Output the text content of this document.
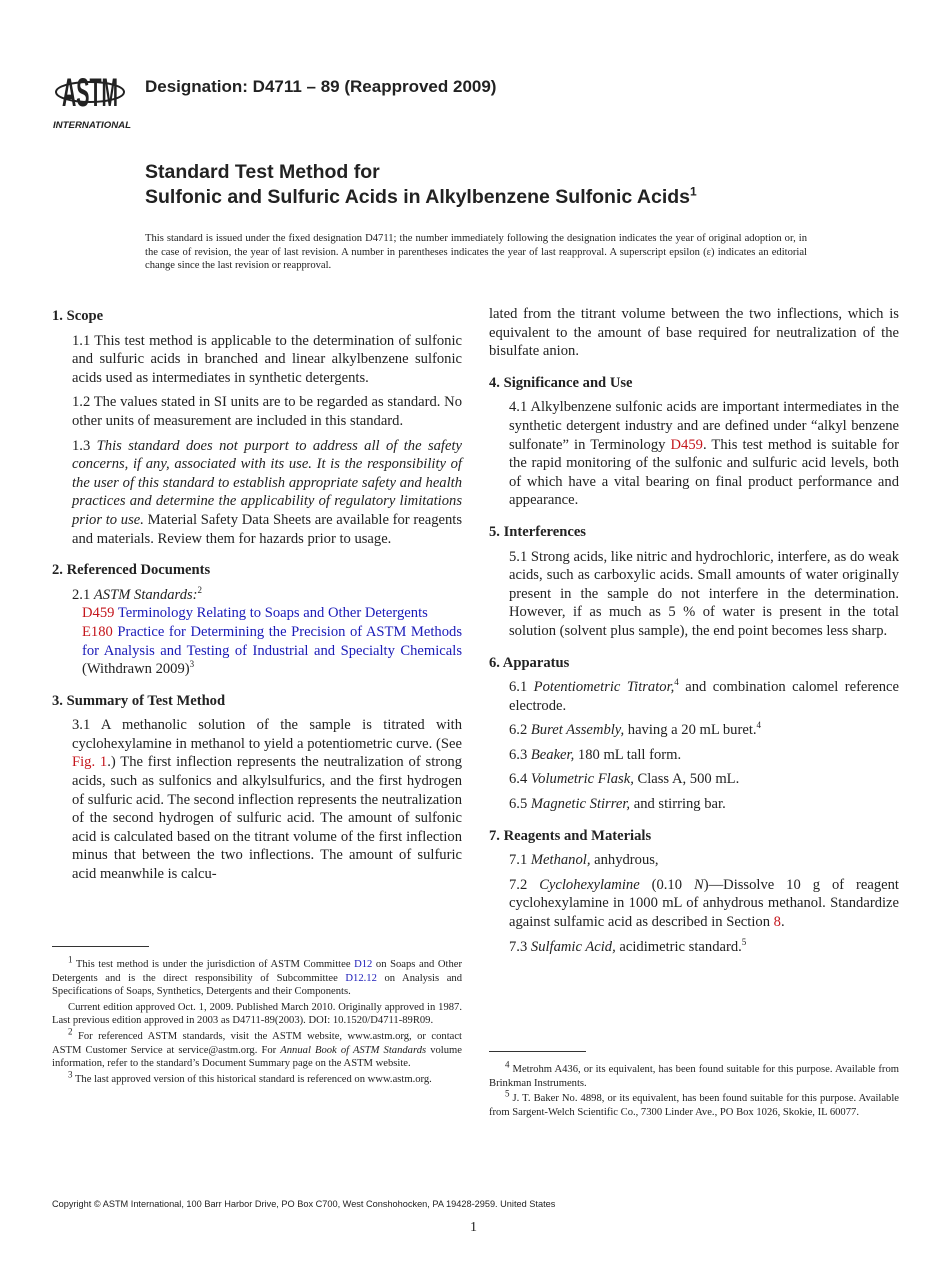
ASTM
INTERNATIONAL
Designation: D4711 – 89 (Reapproved 2009)
Standard Test Method for
Sulfonic and Sulfuric Acids in Alkylbenzene Sulfonic Acids$^1$
This standard is issued under the fixed designation D4711; the number immediately following the designation indicates the year of original adoption or, in the case of revision, the year of last revision. A number in parentheses indicates the year of last reapproval. A superscript epsilon (ε) indicates an editorial change since the last revision or reapproval.
1. Scope

1.1 This test method is applicable to the determination of sulfonic and sulfuric acids in branched and linear alkylbenzene sulfonic acids used as intermediates in synthetic detergents.

1.2 The values stated in SI units are to be regarded as standard. No other units of measurement are included in this standard.

1.3 This standard does not purport to address all of the safety concerns, if any, associated with its use. It is the responsibility of the user of this standard to establish appropriate safety and health practices and determine the applicability of regulatory limitations prior to use. Material Safety Data Sheets are available for reagents and materials. Review them for hazards prior to usage.

2. Referenced Documents

2.1 ASTM Standards:$^2$

D459 Terminology Relating to Soaps and Other Detergents

E180 Practice for Determining the Precision of ASTM Methods for Analysis and Testing of Industrial and Specialty Chemicals (Withdrawn 2009)$^3$

3. Summary of Test Method

3.1 A methanolic solution of the sample is titrated with cyclohexylamine in methanol to yield a potentiometric curve. (See Fig. 1.) The first inflection represents the neutralization of strong acids, such as sulfonics and alkylsulfurics, and the first hydrogen of sulfuric acid. The second inflection represents the neutralization of the second hydrogen of sulfuric acid. The amount of sulfonic acid is calculated based on the titrant volume of the first inflection minus that between the two inflections. The amount of sulfuric acid meanwhile is calcu-

$^1$ This test method is under the jurisdiction of ASTM Committee D12 on Soaps and Other Detergents and is the direct responsibility of Subcommittee D12.12 on Analysis and Specifications of Soaps, Synthetics, Detergents and their Components.

Current edition approved Oct. 1, 2009. Published March 2010. Originally approved in 1987. Last previous edition approved in 2003 as D4711-89(2003). DOI: 10.1520/D4711-89R09.

$^2$ For referenced ASTM standards, visit the ASTM website, www.astm.org, or contact ASTM Customer Service at service@astm.org. For Annual Book of ASTM Standards volume information, refer to the standard’s Document Summary page on the ASTM website.

$^3$ The last approved version of this historical standard is referenced on www.astm.org.

lated from the titrant volume between the two inflections, which is equivalent to the amount of base required for neutralization of the bisulfate anion.

4. Significance and Use

4.1 Alkylbenzene sulfonic acids are important intermediates in the synthetic detergent industry and are defined under “alkyl benzene sulfonate” in Terminology D459. This test method is suitable for the rapid monitoring of the sulfonic and sulfuric acid levels, both of which have a vital bearing on final product performance and appearance.

5. Interferences

5.1 Strong acids, like nitric and hydrochloric, interfere, as do weak acids, such as carboxylic acids. Small amounts of water originally present in the sample do not interfere in the determination. However, if as much as 5 % of water is present in the total solution (solvent plus sample), the end point becomes less sharp.

6. Apparatus

6.1 Potentiometric Titrator,$^4$ and combination calomel reference electrode.

6.2 Buret Assembly, having a 20 mL buret.$^4$

6.3 Beaker, 180 mL tall form.

6.4 Volumetric Flask, Class A, 500 mL.

6.5 Magnetic Stirrer, and stirring bar.

7. Reagents and Materials

7.1 Methanol, anhydrous,

7.2 Cyclohexylamine (0.10 N)—Dissolve 10 g of reagent cyclohexylamine in 1000 mL of anhydrous methanol. Standardize against sulfamic acid as described in Section 8.

7.3 Sulfamic Acid, acidimetric standard.$^5$

$^4$ Metrohm A436, or its equivalent, has been found suitable for this purpose. Available from Brinkman Instruments.

$^5$ J. T. Baker No. 4898, or its equivalent, has been found suitable for this purpose. Available from Sargent-Welch Scientific Co., 7300 Linder Ave., PO Box 1026, Skokie, IL 60077.

Copyright © ASTM International, 100 Barr Harbor Drive, PO Box C700, West Conshohocken, PA 19428-2959. United States
1
